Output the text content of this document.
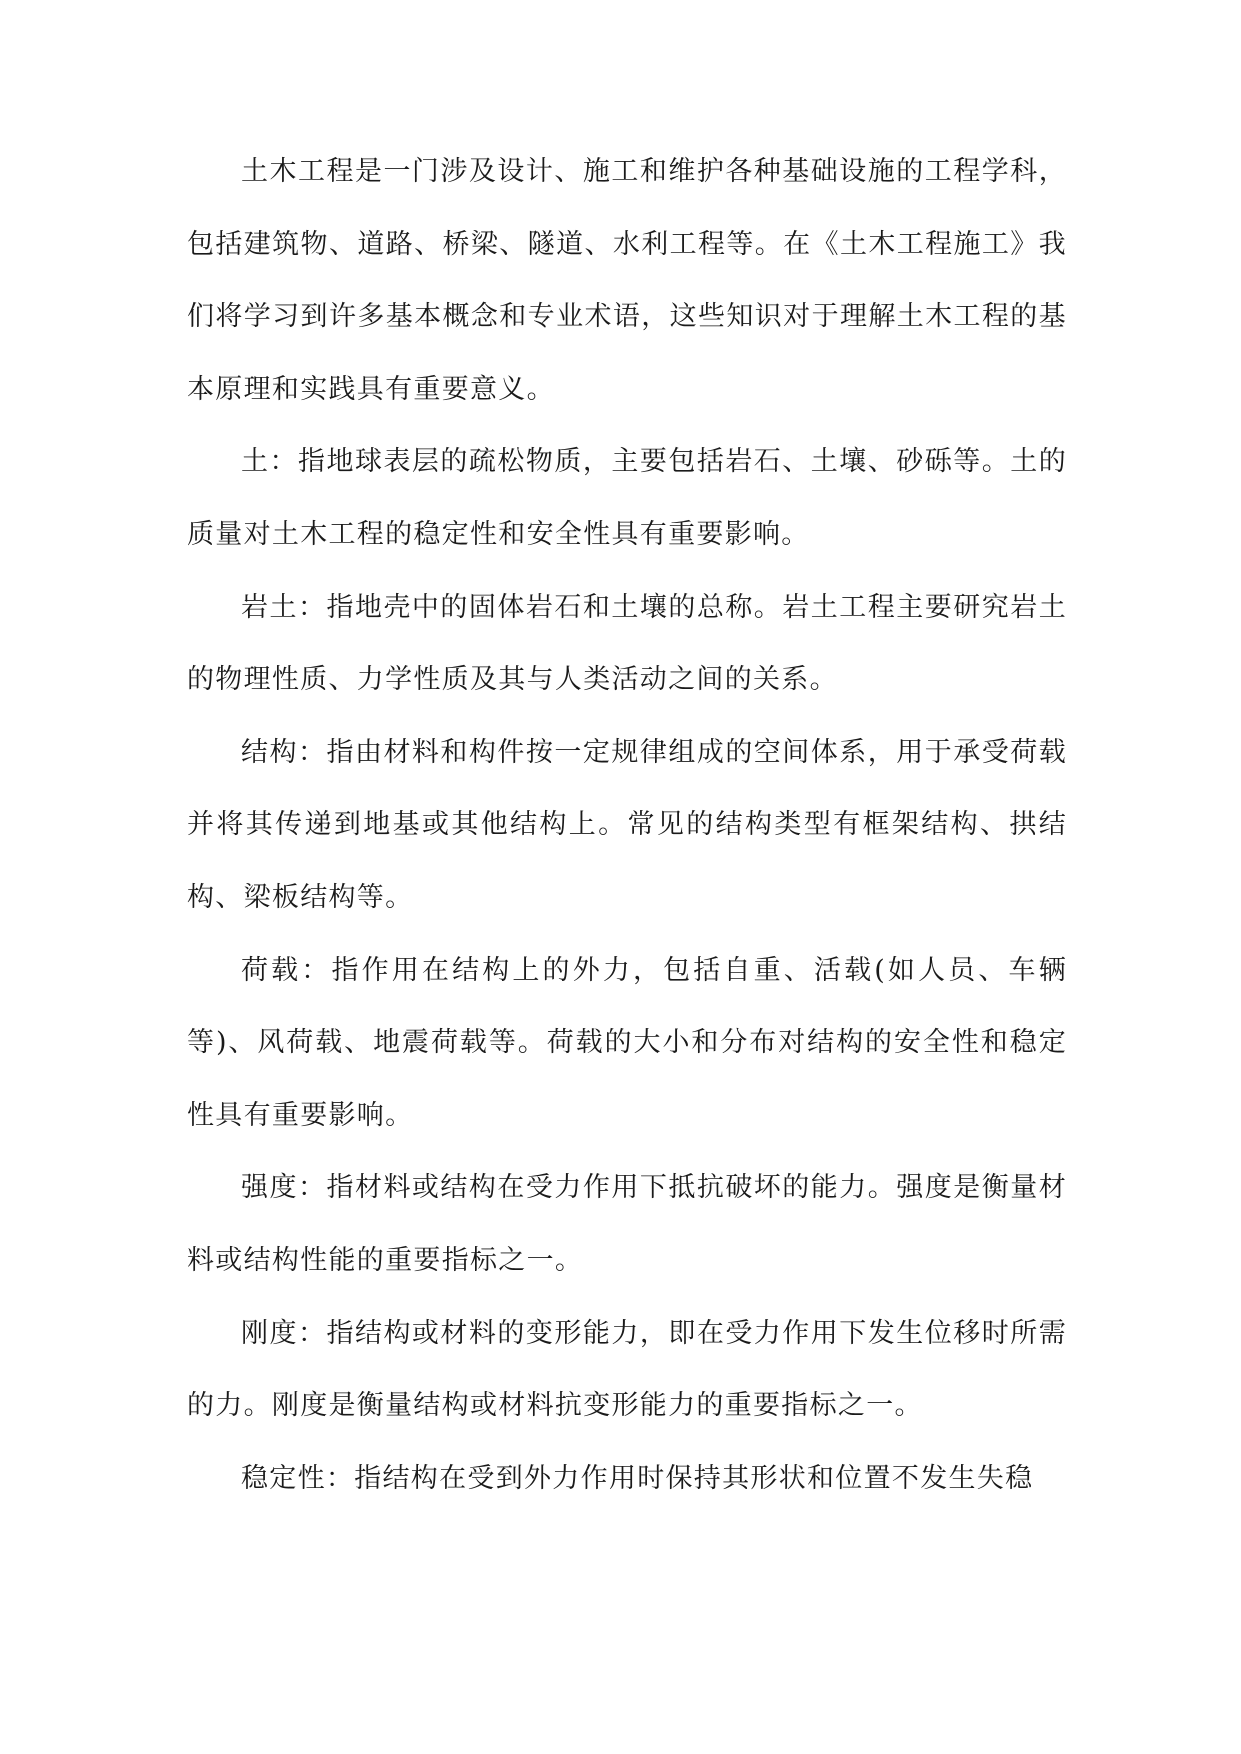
土木工程是一门涉及设计、施工和维护各种基础设施的工程学科，包括建筑物、道路、桥梁、隧道、水利工程等。在《土木工程施工》我们将学习到许多基本概念和专业术语，这些知识对于理解土木工程的基本原理和实践具有重要意义。

土：指地球表层的疏松物质，主要包括岩石、土壤、砂砾等。土的质量对土木工程的稳定性和安全性具有重要影响。

岩土：指地壳中的固体岩石和土壤的总称。岩土工程主要研究岩土的物理性质、力学性质及其与人类活动之间的关系。

结构：指由材料和构件按一定规律组成的空间体系，用于承受荷载并将其传递到地基或其他结构上。常见的结构类型有框架结构、拱结构、梁板结构等。

荷载：指作用在结构上的外力，包括自重、活载(如人员、车辆等)、风荷载、地震荷载等。荷载的大小和分布对结构的安全性和稳定性具有重要影响。

强度：指材料或结构在受力作用下抵抗破坏的能力。强度是衡量材料或结构性能的重要指标之一。

刚度：指结构或材料的变形能力，即在受力作用下发生位移时所需的力。刚度是衡量结构或材料抗变形能力的重要指标之一。

稳定性：指结构在受到外力作用时保持其形状和位置不发生失稳
